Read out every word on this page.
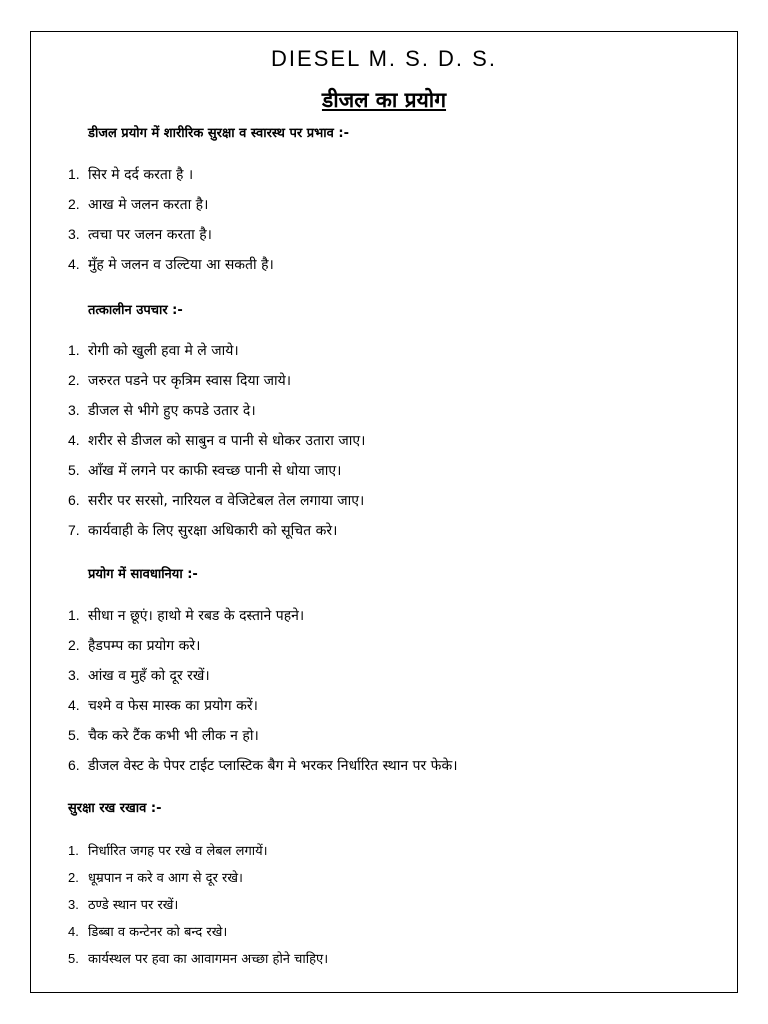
DIESEL M. S. D. S.
डीजल का प्रयोग
डीजल प्रयोग में शारीरिक सुरक्षा व स्वारस्थ पर प्रभाव :-
1. सिर मे दर्द करता है ।
2. आख मे जलन करता है।
3. त्वचा पर जलन करता है।
4. मुँह मे जलन व उल्टिया आ सकती है।
तत्कालीन उपचार :-
1. रोगी को खुली हवा मे ले जाये।
2. जरुरत पडने पर कृत्रिम स्वास दिया जाये।
3. डीजल से भीगे हुए कपडे उतार दे।
4. शरीर से डीजल को साबुन व पानी से धोकर उतारा जाए।
5. आँख में लगने पर काफी स्वच्छ पानी से धोया जाए।
6. सरीर पर सरसो, नारियल व वेजिटेबल तेल लगाया जाए।
7. कार्यवाही के लिए सुरक्षा अधिकारी को सूचित करे।
प्रयोग में सावधानिया :-
1. सीधा न छूएं। हाथो मे रबड के दस्ताने पहने।
2. हैडपम्प का प्रयोग करे।
3. आंख व मुहँ को दूर रखें।
4. चश्मे व फेस मास्क का प्रयोग करें।
5. चैक करे टैंक कभी भी लीक न हो।
6. डीजल वेस्ट के पेपर टाईट प्लास्टिक बैग मे भरकर निर्धारित स्थान पर फेके।
सुरक्षा रख रखाव :-
1. निर्धारित जगह पर रखे व लेबल लगायें।
2. धूम्रपान न करे व आग से दूर रखे।
3. ठण्डे स्थान पर रखें।
4. डिब्बा व कन्टेनर को बन्द रखे।
5. कार्यस्थल पर हवा का आवागमन अच्छा होने चाहिए।
